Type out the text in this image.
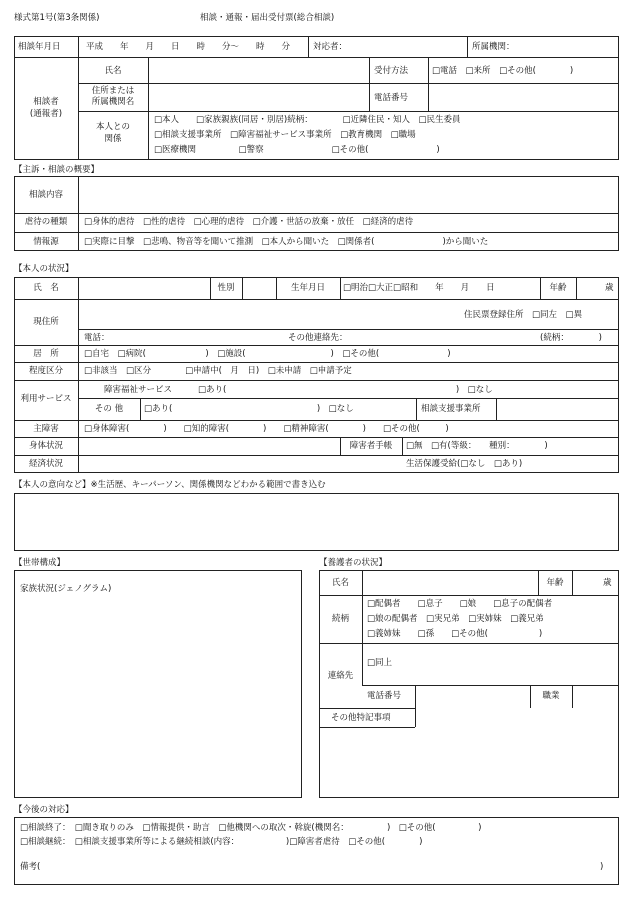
様式第1号(第3条関係)	相談・通報・届出受付票(総合相談)
相談年月日	平成　　年　　月　　日　　時　　分〜　　時　　分	対応者：	所属機関：
相談者
(通報者)
氏名	受付方法	□電話　□来所　□その他(　　　　)
住所または
所属機関名	電話番号
本人との
関係
□本人　　□家族親族(同居・別居)続柄：　　　　□近隣住民・知人　□民生委員
□相談支援事業所　□障害福祉サービス事業所　□教育機関　□職場
□医療機関　　　　　□警察　　　　　　　　□その他(　　　　　　　　)
【主訴・相談の概要】
相談内容
虐待の種類	□身体的虐待　□性的虐待　□心理的虐待　□介護・世話の放棄・放任　□経済的虐待
情報源	□実際に目撃　□悲鳴、物音等を聞いて推測　□本人から聞いた　□関係者(　　　　　　　　)から聞いた
【本人の状況】
氏　名	性別	生年月日	□明治□大正□昭和　　年　　月　　日	年齢	歳
現住所
住民票登録住所　□同左　□異
電話：	その他連絡先：	(続柄：　　　　)
居　所	□自宅　□病院(　　　　　　　)　□施設(　　　　　　　　　　)　□その他(　　　　　　　　)
程度区分	□非該当　□区分　　　　□申請中(　月　日)　□未申請　□申請予定
利用サービス
障害福祉サービス	□あり(　　　　　　　　　　　　　　　　　　　　　　　　　　　)　□なし
その 他	□あり(　　　　　　　　　　　　　　　　　)　□なし	相談支援事業所
主障害	□身体障害(　　　　)　　□知的障害(　　　　)　　□精神障害(　　　　)　　□その他(　　　)
身体状況	障害者手帳	□無　□有(等級：　　種別：　　　　)
経済状況	生活保護受給(□なし　□あり)
【本人の意向など】※生活歴、キーパーソン、関係機関などわかる範囲で書き込む
【世帯構成】
家族状況(ジェノグラム)
【養護者の状況】
氏名	年齢	歳
続柄
□配偶者　　□息子　　□娘　　□息子の配偶者
□娘の配偶者　□実兄弟　□実姉妹　□義兄弟
□義姉妹　　□孫　　□その他(　　　　　　)
連絡先
□同上
電話番号	職業
その他特記事項
【今後の対応】
□相談終了：　□聞き取りのみ　□情報提供・助言　□他機関への取次・斡旋(機関名：　　　　　)　□その他(　　　　　)
□相談継続：　□相談支援事業所等による継続相談(内容：　　　　　　)□障害者虐待　□その他(　　　　)
備考(	)
